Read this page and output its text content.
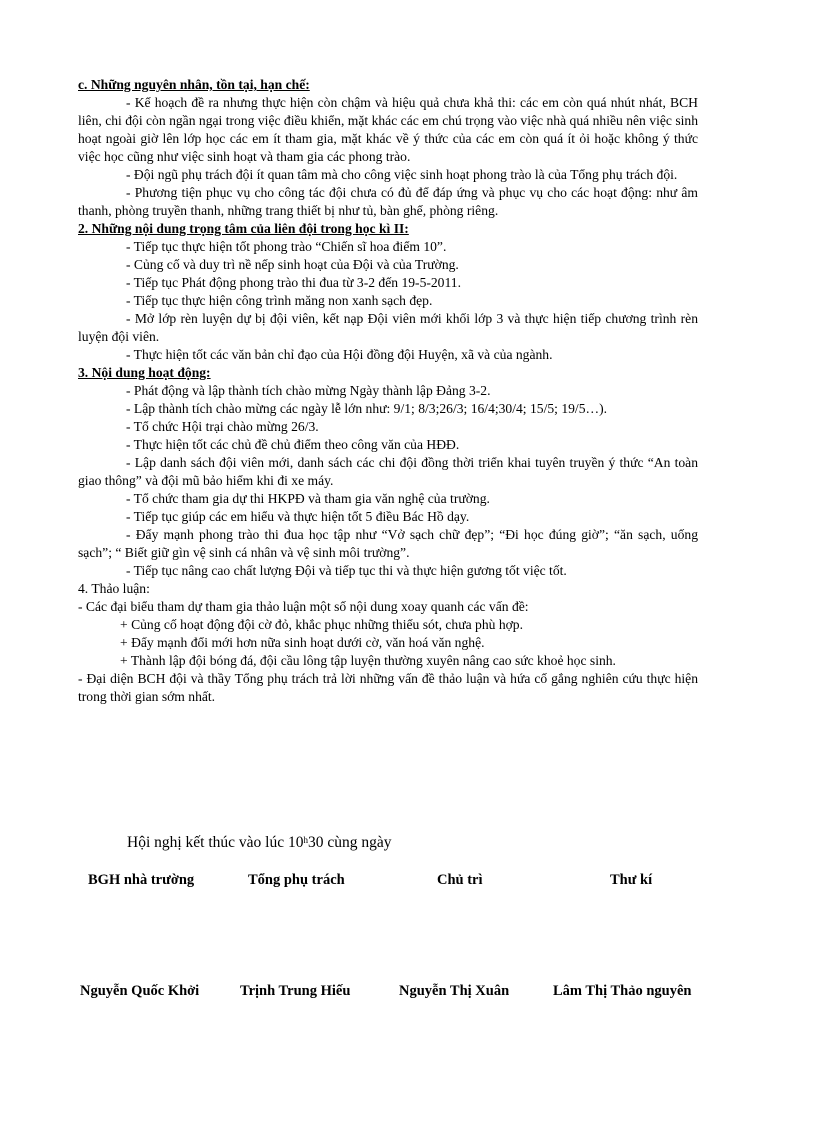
c. Những nguyên nhân, tồn tại, hạn chế:
- Kế hoạch đề ra nhưng thực hiện còn chậm và hiệu quả chưa khả thi: các em còn quá nhút nhát, BCH liên, chi đội còn ngần ngại trong việc điều khiển, mặt khác các em chú trọng vào việc nhà quá nhiều nên việc sinh hoạt ngoài giờ lên lớp học các em ít tham gia, mặt khác về ý thức của các em còn quá ít ỏi hoặc không ý thức việc học cũng như việc sinh hoạt và tham gia các phong trào.
- Đội ngũ phụ trách đội ít quan tâm mà cho công việc sinh hoạt phong trào là của Tổng phụ trách đội.
- Phương tiện phục vụ cho công tác đội chưa có đủ để đáp ứng và phục vụ cho các hoạt động: như âm thanh, phòng truyền thanh, những trang thiết bị như tủ, bàn ghế, phòng riêng.
2. Những nội dung trọng tâm của liên đội trong học kì II:
- Tiếp tục thực hiện tốt phong trào “Chiến sĩ hoa điểm 10”.
- Củng cố và duy trì nề nếp sinh hoạt của Đội và của Trường.
- Tiếp tục Phát động phong trào thi đua từ 3-2 đến 19-5-2011.
- Tiếp tục thực hiện công trình măng non xanh sạch đẹp.
- Mở lớp rèn luyện dự bị đội viên, kết nạp Đội viên mới khối lớp 3 và thực hiện tiếp chương trình rèn luyện đội viên.
- Thực hiện tốt các văn bản chỉ đạo của Hội đồng đội Huyện, xã và của ngành.
3. Nội dung hoạt động:
- Phát động và lập thành tích chào mừng Ngày thành lập Đảng 3-2.
- Lập thành tích chào mừng các ngày lễ lớn như: 9/1; 8/3;26/3; 16/4;30/4; 15/5; 19/5…).
- Tổ chức Hội trại chào mừng 26/3.
- Thực hiện tốt các chủ đề chủ điểm theo công văn của HĐĐ.
- Lập danh sách đội viên mới, danh sách các chi đội đồng thời triển khai tuyên truyền ý thức “An toàn giao thông” và đội mũ bảo hiểm khi đi xe máy.
- Tổ chức tham gia dự thi HKPĐ và tham gia văn nghệ của trường.
- Tiếp tục giúp các em hiểu và thực hiện tốt 5 điều Bác Hồ dạy.
- Đẩy mạnh phong trào thi đua học tập như “Vở sạch chữ đẹp”; “Đi học đúng giờ”; “ăn sạch, uống sạch”; “ Biết giữ gìn vệ sinh cá nhân và vệ sinh môi trường”.
- Tiếp tục nâng cao chất lượng Đội và tiếp tục thi và thực hiện gương tốt việc tốt.
4. Thảo luận:
- Các đại biểu tham dự tham gia thảo luận một số nội dung xoay quanh các vấn đề:
+ Củng cố hoạt động đội cờ đỏ, khắc phục những thiếu sót, chưa phù hợp.
+ Đẩy mạnh đổi mới hơn nữa sinh hoạt dưới cờ, văn hoá văn nghệ.
+ Thành lập đội bóng đá, đội cầu lông tập luyện thường xuyên nâng cao sức khoẻ học sinh.
- Đại diện BCH đội và thầy Tổng phụ trách trả lời những vấn đề thảo luận và hứa cố gắng nghiên cứu thực hiện trong thời gian sớm nhất.
Hội nghị kết thúc vào lúc 10$^h$30 cùng ngày
BGH nhà trường	Tổng phụ trách	Chủ trì	Thư kí
Nguyễn Quốc Khởi	Trịnh Trung Hiếu	Nguyễn Thị Xuân	Lâm Thị Thảo nguyên
